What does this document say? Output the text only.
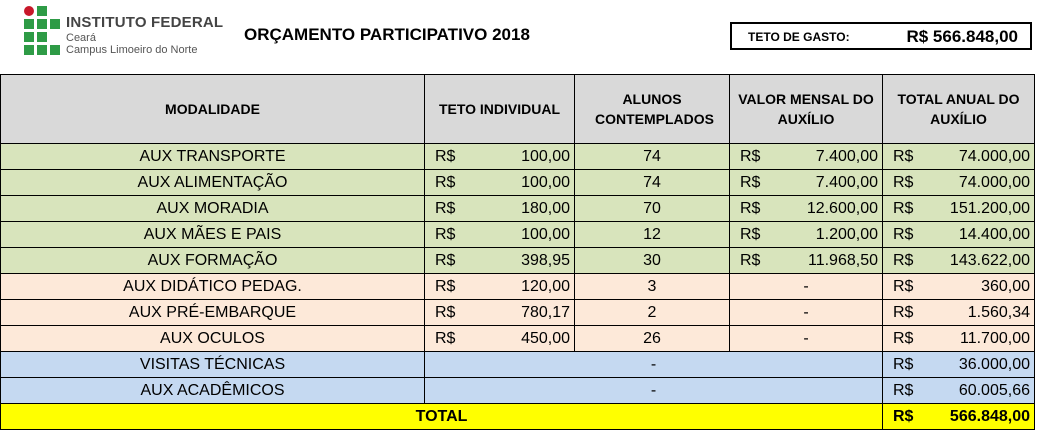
INSTITUTO FEDERAL
Ceará
Campus Limoeiro do Norte
ORÇAMENTO PARTICIPATIVO 2018	TETO DE GASTO:	R$ 566.848,00
MODALIDADE	TETO INDIVIDUAL	ALUNOS CONTEMPLADOS	VALOR MENSAL DO AUXÍLIO	TOTAL ANUAL DO AUXÍLIO
AUX TRANSPORTE	R$ 100,00	74	R$ 7.400,00	R$ 74.000,00

AUX ALIMENTAÇÃO	R$ 100,00	74	R$ 7.400,00	R$ 74.000,00

AUX MORADIA	R$ 180,00	70	R$ 12.600,00	R$ 151.200,00

AUX MÃES E PAIS	R$ 100,00	12	R$ 1.200,00	R$ 14.400,00

AUX FORMAÇÃO	R$ 398,95	30	R$ 11.968,50	R$ 143.622,00

AUX DIDÁTICO PEDAG.	R$ 120,00	3	-	R$ 360,00

AUX PRÉ-EMBARQUE	R$ 780,17	2	-	R$ 1.560,34

AUX OCULOS	R$ 450,00	26	-	R$ 11.700,00

VISITAS TÉCNICAS	-			R$ 36.000,00

AUX ACADÊMICOS	-			R$ 60.005,66

TOTAL				R$ 566.848,00
